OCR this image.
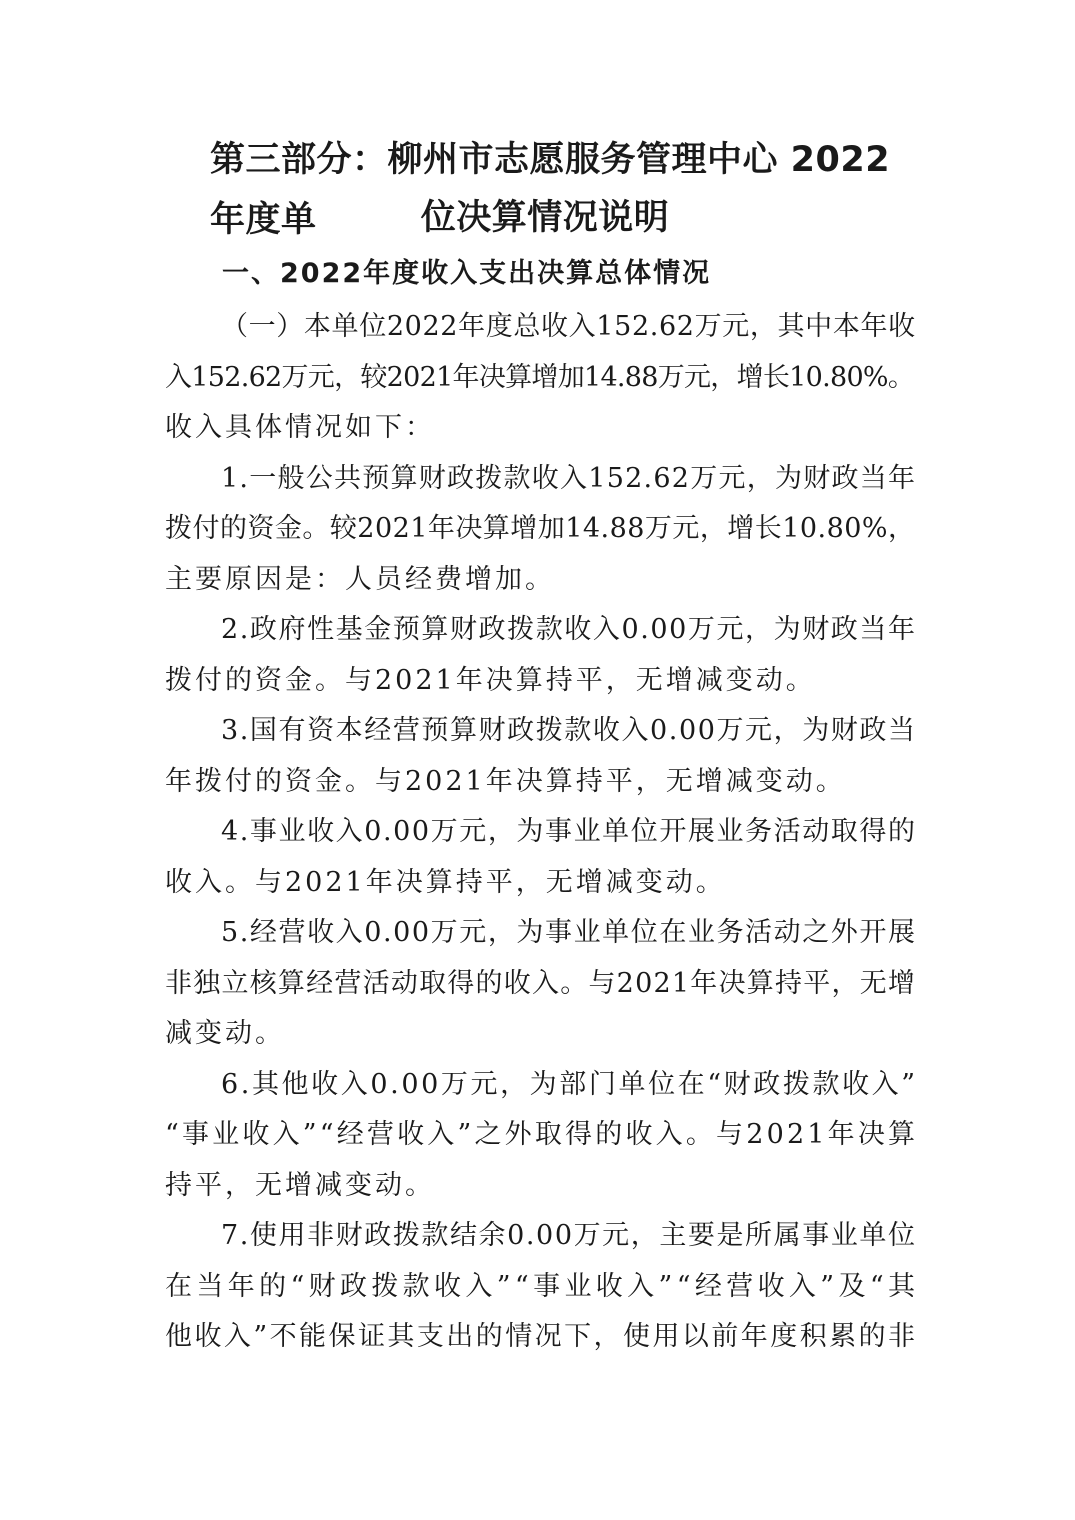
第三部分：柳州市志愿服务管理中心 2022 年度单	位决算情况说明
一、2022年度收入支出决算总体情况
（一）本单位2022年度总收入152.62万元，其中本年收
入152.62万元，较2021年决算增加14.88万元，增长10.80%。
收入具体情况如下：
1.一般公共预算财政拨款收入152.62万元，为财政当年
拨付的资金。较2021年决算增加14.88万元，增长10.80%，
主要原因是：人员经费增加。
2.政府性基金预算财政拨款收入0.00万元，为财政当年
拨付的资金。与2021年决算持平，无增减变动。
3.国有资本经营预算财政拨款收入0.00万元，为财政当
年拨付的资金。与2021年决算持平，无增减变动。
4.事业收入0.00万元，为事业单位开展业务活动取得的
收入。与2021年决算持平，无增减变动。
5.经营收入0.00万元，为事业单位在业务活动之外开展
非独立核算经营活动取得的收入。与2021年决算持平，无增
减变动。
6.其他收入0.00万元，为部门单位在“财政拨款收入”
“事业收入”“经营收入”之外取得的收入。与2021年决算
持平，无增减变动。
7.使用非财政拨款结余0.00万元，主要是所属事业单位
在当年的“财政拨款收入”“事业收入”“经营收入”及“其
他收入”不能保证其支出的情况下，使用以前年度积累的非
